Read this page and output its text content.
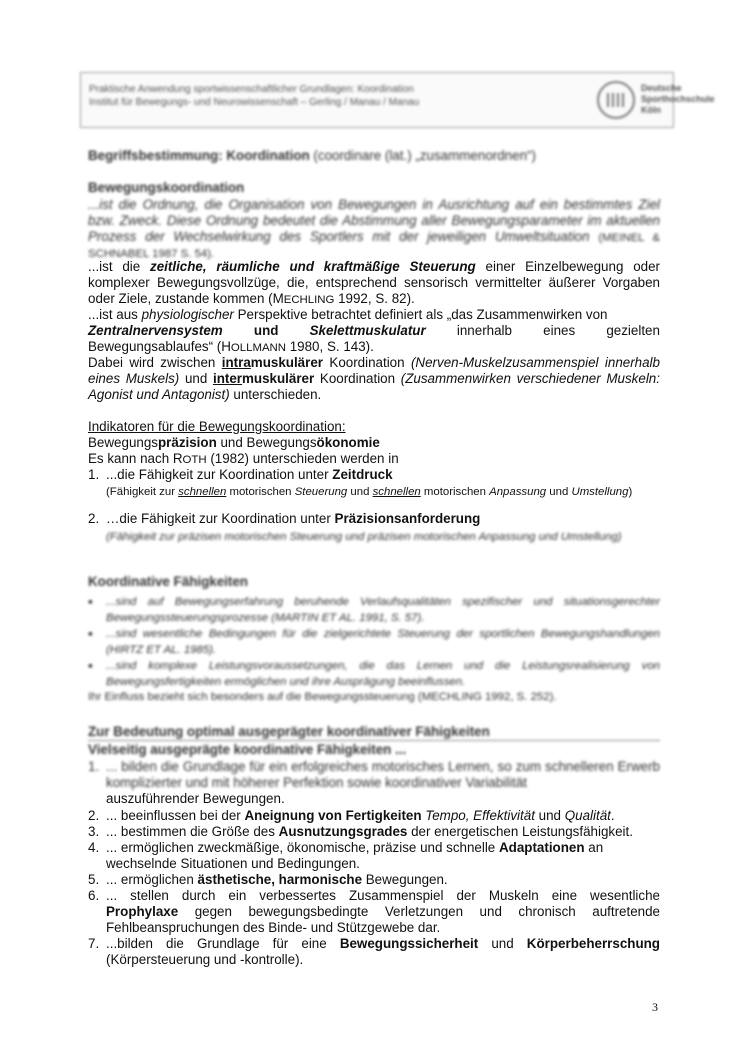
Praktische Anwendung sportwissenschaftlicher Grundlagen: Koordination
Institut für Bewegungs- und Neurowissenschaft – Gerling / Manau / Manau
Deutsche
Sporthochschule
Köln
Begriffsbestimmung: Koordination (coordinare (lat.) „zusammenordnen“)
Bewegungskoordination
...ist die Ordnung, die Organisation von Bewegungen in Ausrichtung auf ein bestimmtes Ziel bzw. Zweck. Diese Ordnung bedeutet die Abstimmung aller Bewegungsparameter im aktuellen Prozess der Wechselwirkung des Sportlers mit der jeweiligen Umweltsituation (MEINEL & SCHNABEL 1987 S. 54).
...ist die zeitliche, räumliche und kraftmäßige Steuerung einer Einzelbewegung oder komplexer Bewegungsvollzüge, die, entsprechend sensorisch vermittelter äußerer Vorgaben oder Ziele, zustande kommen (MECHLING 1992, S. 82).
...ist aus physiologischer Perspektive betrachtet definiert als „das Zusammenwirken von
Zentralnervensystem und Skelettmuskulatur innerhalb eines gezielten
Bewegungsablaufes“ (HOLLMANN 1980, S. 143).
Dabei wird zwischen intramuskulärer Koordination (Nerven-Muskelzusammenspiel innerhalb eines Muskels) und intermuskulärer Koordination (Zusammenwirken verschiedener Muskeln: Agonist und Antagonist) unterschieden.
Indikatoren für die Bewegungskoordination:
Bewegungspräzision und Bewegungsökonomie
Es kann nach ROTH (1982) unterschieden werden in
1. ...die Fähigkeit zur Koordination unter Zeitdruck
(Fähigkeit zur schnellen motorischen Steuerung und schnellen motorischen Anpassung und Umstellung)
2. …die Fähigkeit zur Koordination unter Präzisionsanforderung
(Fähigkeit zur präzisen motorischen Steuerung und präzisen motorischen Anpassung und Umstellung)
Koordinative Fähigkeiten
▪	...sind auf Bewegungserfahrung beruhende Verlaufsqualitäten spezifischer und situationsgerechter Bewegungssteuerungsprozesse (MARTIN ET AL. 1991, S. 57).
▪	...sind wesentliche Bedingungen für die zielgerichtete Steuerung der sportlichen Bewegungshandlungen (HIRTZ ET AL. 1985).
▪	...sind komplexe Leistungsvoraussetzungen, die das Lernen und die Leistungsrealisierung von Bewegungsfertigkeiten ermöglichen und ihre Ausprägung beeinflussen.
Ihr Einfluss bezieht sich besonders auf die Bewegungssteuerung (MECHLING 1992, S. 252).
Zur Bedeutung optimal ausgeprägter koordinativer Fähigkeiten
Vielseitig ausgeprägte koordinative Fähigkeiten ...
1. ... bilden die Grundlage für ein erfolgreiches motorisches Lernen, so zum schnelleren Erwerb komplizierter und mit höherer Perfektion sowie koordinativer Variabilität
auszuführender Bewegungen.
2. ... beeinflussen bei der Aneignung von Fertigkeiten Tempo, Effektivität und Qualität.
3. ... bestimmen die Größe des Ausnutzungsgrades der energetischen Leistungsfähigkeit.
4. ... ermöglichen zweckmäßige, ökonomische, präzise und schnelle Adaptationen an
wechselnde Situationen und Bedingungen.
5. ... ermöglichen ästhetische, harmonische Bewegungen.
6. ... stellen durch ein verbessertes Zusammenspiel der Muskeln eine wesentliche
Prophylaxe gegen bewegungsbedingte Verletzungen und chronisch auftretende
Fehlbeanspruchungen des Binde- und Stützgewebe dar.
7. ...bilden die Grundlage für eine Bewegungssicherheit und Körperbeherrschung
(Körpersteuerung und -kontrolle).
3
